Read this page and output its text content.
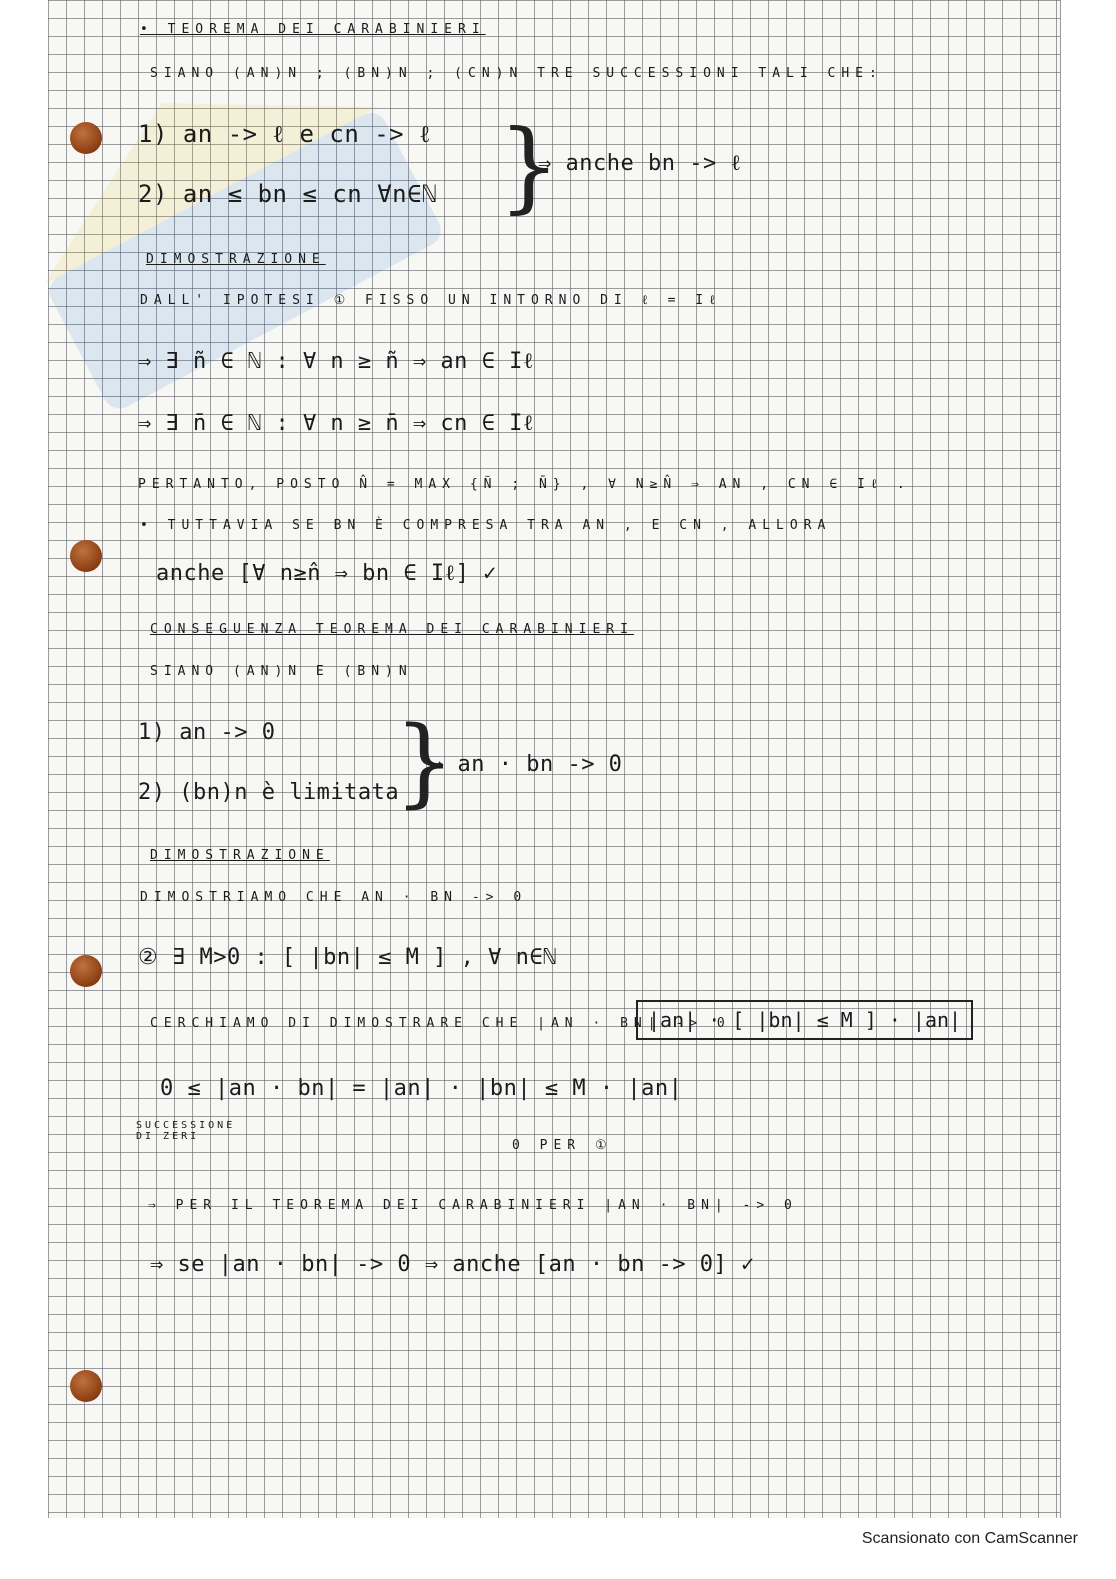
• TEOREMA DEI CARABINIERI
SIANO (AN)N ; (BN)N ; (CN)N TRE SUCCESSIONI TALI CHE:
1) an -> ℓ e cn -> ℓ
2) an ≤ bn ≤ cn ∀n∈ℕ }
⇒ anche bn -> ℓ
DIMOSTRAZIONE
DALL' IPOTESI ① FISSO UN INTORNO DI ℓ = Iℓ
⇒ ∃ ñ ∈ ℕ : ∀ n ≥ ñ ⇒ an ∈ Iℓ
⇒ ∃ n̄ ∈ ℕ : ∀ n ≥ n̄ ⇒ cn ∈ Iℓ
PERTANTO, POSTO N̂ = MAX {Ñ ; N̄} , ∀ N≥N̂ ⇒ AN , CN ∈ Iℓ .
• TUTTAVIA SE BN È COMPRESA TRA AN , E CN , ALLORA
anche [∀ n≥n̂ ⇒ bn ∈ Iℓ] ✓
CONSEGUENZA TEOREMA DEI CARABINIERI
SIANO (AN)N E (BN)N
1) an -> 0
2) (bn)n è limitata
}
⇒ an · bn -> 0
DIMOSTRAZIONE
DIMOSTRIAMO CHE AN · BN -> 0
② ∃ M>0 : [ |bn| ≤ M ] , ∀ n∈ℕ
CERCHIAMO DI DIMOSTRARE CHE |AN · BN| -> 0
|an| · [ |bn| ≤ M ] · |an|
0 ≤ |an · bn| = |an| · |bn| ≤ M · |an|
SUCCESSIONE DI ZERI
0 PER ①
⇒ PER IL TEOREMA DEI CARABINIERI |AN · BN| -> 0
⇒ se |an · bn| -> 0 ⇒ anche [an · bn -> 0] ✓
Scansionato con CamScanner
